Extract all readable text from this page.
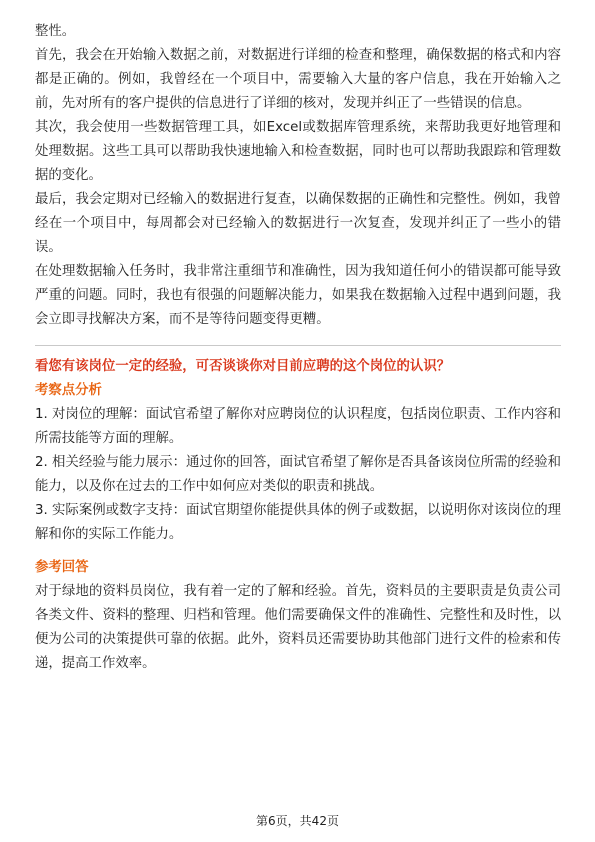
整性。

首先，我会在开始输入数据之前，对数据进行详细的检查和整理，确保数据的格式和内容都是正确的。例如，我曾经在一个项目中，需要输入大量的客户信息，我在开始输入之前，先对所有的客户提供的信息进行了详细的核对，发现并纠正了一些错误的信息。

其次，我会使用一些数据管理工具，如Excel或数据库管理系统，来帮助我更好地管理和处理数据。这些工具可以帮助我快速地输入和检查数据，同时也可以帮助我跟踪和管理数据的变化。

最后，我会定期对已经输入的数据进行复查，以确保数据的正确性和完整性。例如，我曾经在一个项目中，每周都会对已经输入的数据进行一次复查，发现并纠正了一些小的错误。

在处理数据输入任务时，我非常注重细节和准确性，因为我知道任何小的错误都可能导致严重的问题。同时，我也有很强的问题解决能力，如果我在数据输入过程中遇到问题，我会立即寻找解决方案，而不是等待问题变得更糟。

看您有该岗位一定的经验，可否谈谈你对目前应聘的这个岗位的认识？

考察点分析

1. 对岗位的理解：面试官希望了解你对应聘岗位的认识程度，包括岗位职责、工作内容和所需技能等方面的理解。

2. 相关经验与能力展示：通过你的回答，面试官希望了解你是否具备该岗位所需的经验和能力，以及你在过去的工作中如何应对类似的职责和挑战。

3. 实际案例或数字支持：面试官期望你能提供具体的例子或数据，以说明你对该岗位的理解和你的实际工作能力。

参考回答

对于绿地的资料员岗位，我有着一定的了解和经验。首先，资料员的主要职责是负责公司各类文件、资料的整理、归档和管理。他们需要确保文件的准确性、完整性和及时性，以便为公司的决策提供可靠的依据。此外，资料员还需要协助其他部门进行文件的检索和传递，提高工作效率。

第6页，共42页
